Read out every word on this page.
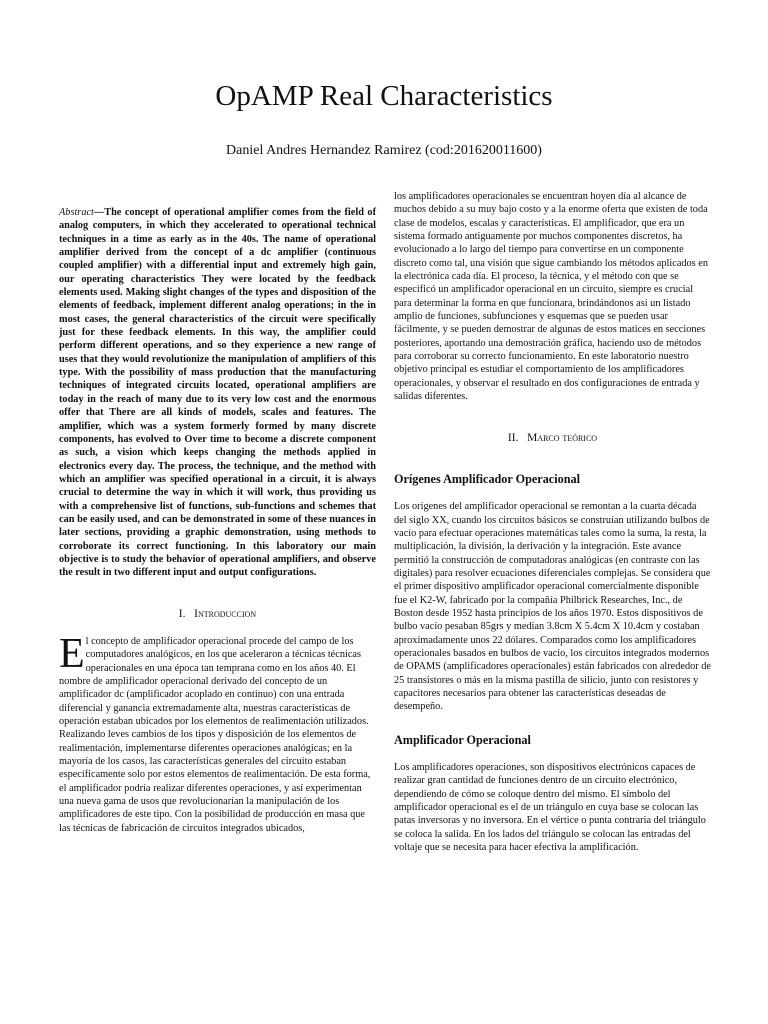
OpAMP Real Characteristics

Daniel Andres Hernandez Ramirez (cod:201620011600)

Abstract—The concept of operational amplifier comes from the field of analog computers, in which they accelerated to operational technical techniques in a time as early as in the 40s. The name of operational amplifier derived from the concept of a dc amplifier (continuous coupled amplifier) with a differential input and extremely high gain, our operating characteristics They were located by the feedback elements used. Making slight changes of the types and disposition of the elements of feedback, implement different analog operations; in the in most cases, the general characteristics of the circuit were specifically just for these feedback elements. In this way, the amplifier could perform different operations, and so they experience a new range of uses that they would revolutionize the manipulation of amplifiers of this type. With the possibility of mass production that the manufacturing techniques of integrated circuits located, operational amplifiers are today in the reach of many due to its very low cost and the enormous offer that There are all kinds of models, scales and features. The amplifier, which was a system formerly formed by many discrete components, has evolved to Over time to become a discrete component as such, a vision which keeps changing the methods applied in electronics every day. The process, the technique, and the method with which an amplifier was specified operational in a circuit, it is always crucial to determine the way in which it will work, thus providing us with a comprehensive list of functions, sub-functions and schemes that can be easily used, and can be demonstrated in some of these nuances in later sections, providing a graphic demonstration, using methods to corroborate its correct functioning. In this laboratory our main objective is to study the behavior of operational amplifiers, and observe the result in two different input and output configurations.

I. Introduccion

El concepto de amplificador operacional procede del campo de los computadores analógicos, en los que aceleraron a técnicas técnicas operacionales en una época tan temprana como en los años 40. El nombre de amplificador operacional derivado del concepto de un amplificador dc (amplificador acoplado en continuo) con una entrada diferencial y ganancia extremadamente alta, nuestras características de operación estaban ubicados por los elementos de realimentación utilizados. Realizando leves cambios de los tipos y disposición de los elementos de realimentación, implementarse diferentes operaciones analógicas; en la mayoría de los casos, las características generales del circuito estaban específicamente solo por estos elementos de realimentación. De esta forma, el amplificador podría realizar diferentes operaciones, y así experimentan una nueva gama de usos que revolucionarían la manipulación de los amplificadores de este tipo. Con la posibilidad de producción en masa que las técnicas de fabricación de circuitos integrados ubicados,

los amplificadores operacionales se encuentran hoyen día al alcance de muchos debido a su muy bajo costo y a la enorme oferta que existen de toda clase de modelos, escalas y características. El amplificador, que era un sistema formado antiguamente por muchos componentes discretos, ha evolucionado a lo largo del tiempo para convertirse en un componente discreto como tal, una visión que sigue cambiando los métodos aplicados en la electrónica cada día. El proceso, la técnica, y el método con que se especificó un amplificador operacional en un circuito, siempre es crucial para determinar la forma en que funcionara, brindándonos así un listado amplio de funciones, subfunciones y esquemas que se pueden usar fácilmente, y se pueden demostrar de algunas de estos matices en secciones posteriores, aportando una demostración gráfica, haciendo uso de métodos para corroborar su correcto funcionamiento. En este laboratorio nuestro objetivo principal es estudiar el comportamiento de los amplificadores operacionales, y observar el resultado en dos configuraciones de entrada y salidas diferentes.

II. Marco teórico

Orígenes Amplificador Operacional

Los orígenes del amplificador operacional se remontan a la cuarta década del siglo XX, cuando los circuitos básicos se construían utilizando bulbos de vacío para efectuar operaciones matemáticas tales como la suma, la resta, la multiplicación, la división, la derivación y la integración. Este avance permitió la construcción de computadoras analógicas (en contraste con las digitales) para resolver ecuaciones diferenciales complejas. Se considera que el primer dispositivo amplificador operacional comercialmente disponible fue el K2-W, fabricado por la compañía Philbrick Researches, Inc., de Boston desde 1952 hasta principios de los años 1970. Estos dispositivos de bulbo vacío pesaban 85grs y median 3.8cm X 5.4cm X 10.4cm y costaban aproximadamente unos 22 dólares. Comparados como los amplificadores operacionales basados en bulbos de vacío, los circuitos integrados modernos de OPAMS (amplificadores operacionales) están fabricados con alrededor de 25 transistores o más en la misma pastilla de silicio, junto con resistores y capacitores necesarios para obtener las características deseadas de desempeño.

Amplificador Operacional

Los amplificadores operaciones, son dispositivos electrónicos capaces de realizar gran cantidad de funciones dentro de un circuito electrónico, dependiendo de cómo se coloque dentro del mismo. El símbolo del amplificador operacional es el de un triángulo en cuya base se colocan las patas inversoras y no inversora. En el vértice o punta contraria del triángulo se coloca la salida. En los lados del triángulo se colocan las entradas del voltaje que se necesita para hacer efectiva la amplificación.
